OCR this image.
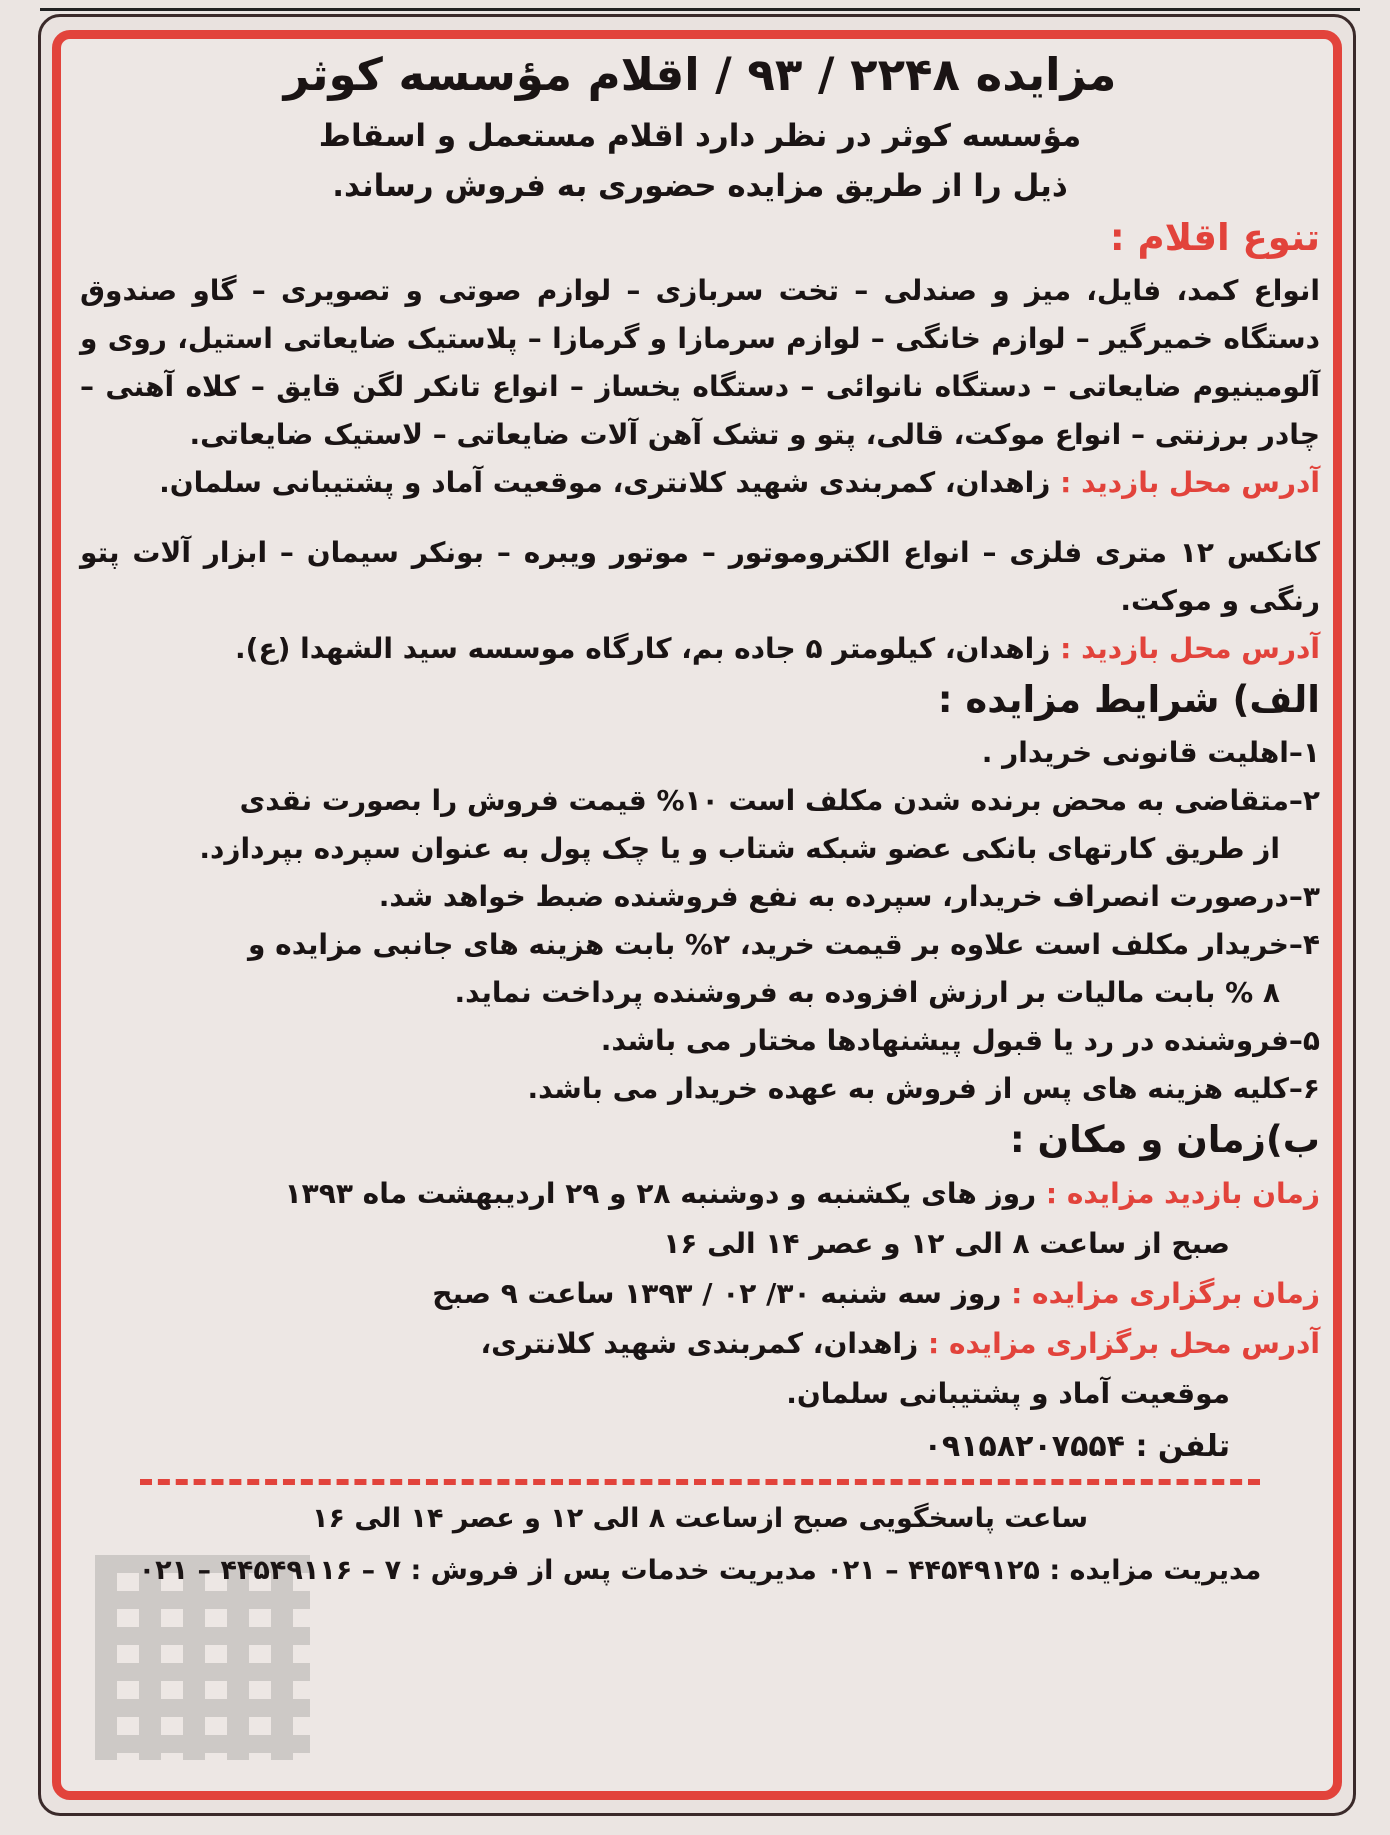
مزایده ۲۲۴۸ / ۹۳ / اقلام مؤسسه کوثر
مؤسسه کوثر در نظر دارد اقلام مستعمل و اسقاط
ذیل را از طریق مزایده حضوری به فروش رساند.
تنوع اقلام :
انواع کمد، فایل، میز و صندلی – تخت سربازی – لوازم صوتی و تصویری – گاو صندوق دستگاه خمیرگیر – لوازم خانگی – لوازم سرمازا و گرمازا – پلاستیک ضایعاتی استیل، روی و آلومینیوم ضایعاتی – دستگاه نانوائی – دستگاه یخساز – انواع تانکر لگن قایق – کلاه آهنی – چادر برزنتی – انواع موکت، قالی، پتو و تشک آهن آلات ضایعاتی – لاستیک ضایعاتی.
آدرس محل بازدید : زاهدان، کمربندی شهید کلانتری، موقعیت آماد و پشتیبانی سلمان.
کانکس ۱۲ متری فلزی – انواع الکتروموتور – موتور ویبره – بونکر سیمان – ابزار آلات پتو رنگی و موکت.
آدرس محل بازدید : زاهدان، کیلومتر ۵ جاده بم، کارگاه موسسه سید الشهدا (ع).
الف) شرایط مزایده :
۱–اهلیت قانونی خریدار .
۲–متقاضی به محض برنده شدن مکلف است ۱۰% قیمت فروش را بصورت نقدی
از طریق کارتهای بانکی عضو شبکه شتاب و یا چک پول به عنوان سپرده بپردازد.
۳–درصورت انصراف خریدار، سپرده به نفع فروشنده ضبط خواهد شد.
۴–خریدار مکلف است علاوه بر قیمت خرید، ۲% بابت هزینه های جانبی مزایده و
۸ % بابت مالیات بر ارزش افزوده به فروشنده پرداخت نماید.
۵–فروشنده در رد یا قبول پیشنهادها مختار می باشد.
۶–کلیه هزینه های پس از فروش به عهده خریدار می باشد.
ب)زمان و مکان :
زمان بازدید مزایده : روز های یکشنبه و دوشنبه ۲۸ و ۲۹ اردیبهشت ماه ۱۳۹۳
صبح از ساعت ۸ الی ۱۲ و عصر ۱۴ الی ۱۶
زمان برگزاری مزایده : روز سه شنبه ۳۰/ ۰۲ / ۱۳۹۳ ساعت ۹ صبح
آدرس محل برگزاری مزایده : زاهدان، کمربندی شهید کلانتری،
موقعیت آماد و پشتیبانی سلمان.
تلفن : ۰۹۱۵۸۲۰۷۵۵۴
ساعت پاسخگویی صبح ازساعت ۸ الی ۱۲ و عصر ۱۴ الی ۱۶
مدیریت مزایده : ۴۴۵۴۹۱۲۵ – ۰۲۱ مدیریت خدمات پس از فروش : ۷ – ۴۴۵۴۹۱۱۶ – ۰۲۱
